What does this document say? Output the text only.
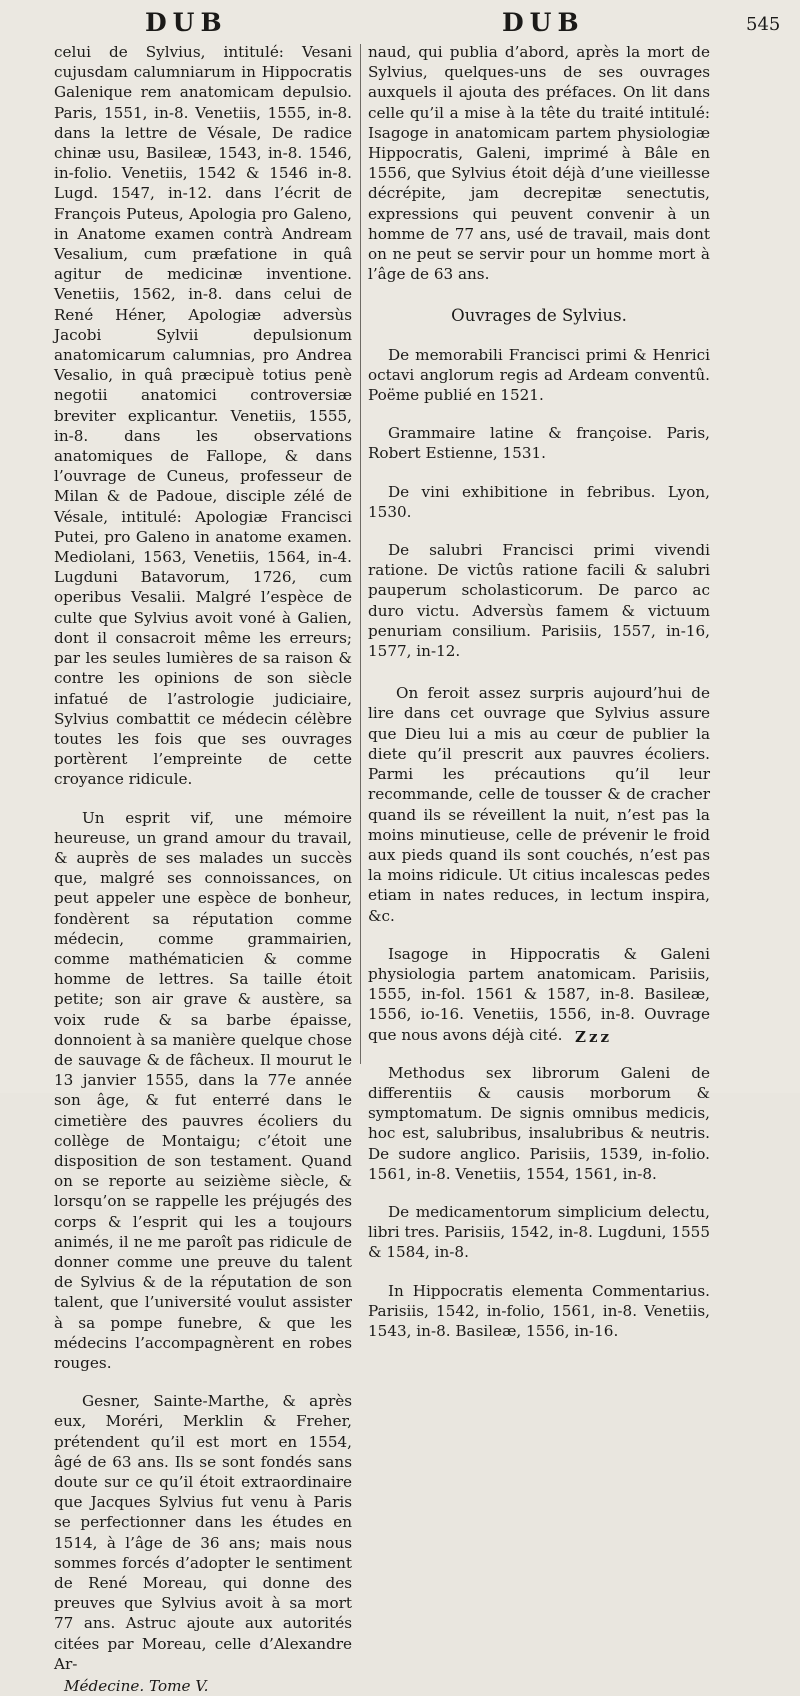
DUB	DUB	545

celui de Sylvius, intitulé: Vesani cujusdam calumniarum in Hippocratis Galenique rem anatomicam depulsio. Paris, 1551, in-8. Venetiis, 1555, in-8. dans la lettre de Vésale, De radice chinæ usu, Basileæ, 1543, in-8. 1546, in-folio. Venetiis, 1542 & 1546 in-8. Lugd. 1547, in-12. dans l’écrit de François Puteus, Apologia pro Galeno, in Anatome examen contrà Andream Vesalium, cum præfatione in quâ agitur de medicinæ inventione. Venetiis, 1562, in-8. dans celui de René Héner, Apologiæ adversùs Jacobi Sylvii depulsionum anatomicarum calumnias, pro Andrea Vesalio, in quâ præcipuè totius penè negotii anatomici controversiæ breviter explicantur. Venetiis, 1555, in-8. dans les observations anatomiques de Fallope, & dans l’ouvrage de Cuneus, professeur de Milan & de Padoue, disciple zélé de Vésale, intitulé: Apologiæ Francisci Putei, pro Galeno in anatome examen. Mediolani, 1563, Venetiis, 1564, in-4. Lugduni Batavorum, 1726, cum operibus Vesalii. Malgré l’espèce de culte que Sylvius avoit voné à Galien, dont il consacroit même les erreurs; par les seules lumières de sa raison & contre les opinions de son siècle infatué de l’astrologie judiciaire, Sylvius combattit ce médecin célèbre toutes les fois que ses ouvrages portèrent l’empreinte de cette croyance ridicule.

Un esprit vif, une mémoire heureuse, un grand amour du travail, & auprès de ses malades un succès que, malgré ses connoissances, on peut appeler une espèce de bonheur, fondèrent sa réputation comme médecin, comme grammairien, comme mathématicien & comme homme de lettres. Sa taille étoit petite; son air grave & austère, sa voix rude & sa barbe épaisse, donnoient à sa manière quelque chose de sauvage & de fâcheux. Il mourut le 13 janvier 1555, dans la 77e année son âge, & fut enterré dans le cimetière des pauvres écoliers du collège de Montaigu; c’étoit une disposition de son testament. Quand on se reporte au seizième siècle, & lorsqu’on se rappelle les préjugés des corps & l’esprit qui les a toujours animés, il ne me paroît pas ridicule de donner comme une preuve du talent de Sylvius & de la réputation de son talent, que l’université voulut assister à sa pompe funebre, & que les médecins l’accompagnèrent en robes rouges.

Gesner, Sainte-Marthe, & après eux, Moréri, Merklin & Freher, prétendent qu’il est mort en 1554, âgé de 63 ans. Ils se sont fondés sans doute sur ce qu’il étoit extraordinaire que Jacques Sylvius fut venu à Paris se perfectionner dans les études en 1514, à l’âge de 36 ans; mais nous sommes forcés d’adopter le sentiment de René Moreau, qui donne des preuves que Sylvius avoit à sa mort 77 ans. Astruc ajoute aux autorités citées par Moreau, celle d’Alexandre Ar-

Médecine. Tome V.

naud, qui publia d’abord, après la mort de Sylvius, quelques-uns de ses ouvrages auxquels il ajouta des préfaces. On lit dans celle qu’il a mise à la tête du traité intitulé: Isagoge in anatomicam partem physiologiæ Hippocratis, Galeni, imprimé à Bâle en 1556, que Sylvius étoit déjà d’une vieillesse décrépite, jam decrepitæ senectutis, expressions qui peuvent convenir à un homme de 77 ans, usé de travail, mais dont on ne peut se servir pour un homme mort à l’âge de 63 ans.

Ouvrages de Sylvius.

De memorabili Francisci primi & Henrici octavi anglorum regis ad Ardeam conventû. Poëme publié en 1521.

Grammaire latine & françoise. Paris, Robert Estienne, 1531.

De vini exhibitione in febribus. Lyon, 1530.

De salubri Francisci primi vivendi ratione. De victûs ratione facili & salubri pauperum scholasticorum. De parco ac duro victu. Adversùs famem & victuum penuriam consilium. Parisiis, 1557, in-16, 1577, in-12.

On feroit assez surpris aujourd’hui de lire dans cet ouvrage que Sylvius assure que Dieu lui a mis au cœur de publier la diete qu’il prescrit aux pauvres écoliers. Parmi les précautions qu’il leur recommande, celle de tousser & de cracher quand ils se réveillent la nuit, n’est pas la moins minutieuse, celle de prévenir le froid aux pieds quand ils sont couchés, n’est pas la moins ridicule. Ut citius incalescas pedes etiam in nates reduces, in lectum inspira, &c.

Isagoge in Hippocratis & Galeni physiologia partem anatomicam. Parisiis, 1555, in-fol. 1561 & 1587, in-8. Basileæ, 1556, io-16. Venetiis, 1556, in-8. Ouvrage que nous avons déjà cité.

Methodus sex librorum Galeni de differentiis & causis morborum & symptomatum. De signis omnibus medicis, hoc est, salubribus, insalubribus & neutris. De sudore anglico. Parisiis, 1539, in-folio. 1561, in-8. Venetiis, 1554, 1561, in-8.

De medicamentorum simplicium delectu, libri tres. Parisiis, 1542, in-8. Lugduni, 1555 & 1584, in-8.

In Hippocratis elementa Commentarius. Parisiis, 1542, in-folio, 1561, in-8. Venetiis, 1543, in-8. Basileæ, 1556, in-16.

Zzz
